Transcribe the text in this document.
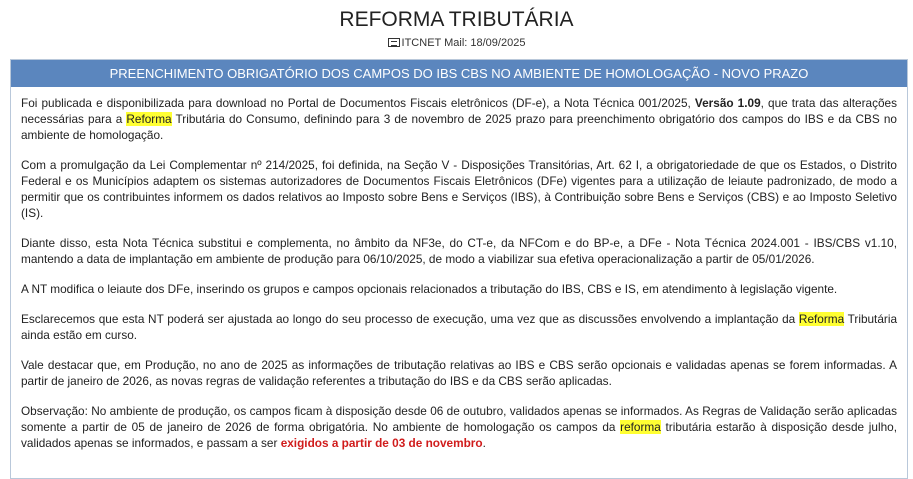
REFORMA TRIBUTÁRIA
ITCNET Mail: 18/09/2025
PREENCHIMENTO OBRIGATÓRIO DOS CAMPOS DO IBS CBS NO AMBIENTE DE HOMOLOGAÇÃO - NOVO PRAZO

Foi publicada e disponibilizada para download no Portal de Documentos Fiscais eletrônicos (DF-e), a Nota Técnica 001/2025, Versão 1.09, que trata das alterações necessárias para a Reforma Tributária do Consumo, definindo para 3 de novembro de 2025 prazo para preenchimento obrigatório dos campos do IBS e da CBS no ambiente de homologação.

Com a promulgação da Lei Complementar nº 214/2025, foi definida, na Seção V - Disposições Transitórias, Art. 62 I, a obrigatoriedade de que os Estados, o Distrito Federal e os Municípios adaptem os sistemas autorizadores de Documentos Fiscais Eletrônicos (DFe) vigentes para a utilização de leiaute padronizado, de modo a permitir que os contribuintes informem os dados relativos ao Imposto sobre Bens e Serviços (IBS), à Contribuição sobre Bens e Serviços (CBS) e ao Imposto Seletivo (IS).

Diante disso, esta Nota Técnica substitui e complementa, no âmbito da NF3e, do CT-e, da NFCom e do BP-e, a DFe - Nota Técnica 2024.001 - IBS/CBS v1.10, mantendo a data de implantação em ambiente de produção para 06/10/2025, de modo a viabilizar sua efetiva operacionalização a partir de 05/01/2026.

A NT modifica o leiaute dos DFe, inserindo os grupos e campos opcionais relacionados a tributação do IBS, CBS e IS, em atendimento à legislação vigente.

Esclarecemos que esta NT poderá ser ajustada ao longo do seu processo de execução, uma vez que as discussões envolvendo a implantação da Reforma Tributária ainda estão em curso.

Vale destacar que, em Produção, no ano de 2025 as informações de tributação relativas ao IBS e CBS serão opcionais e validadas apenas se forem informadas. A partir de janeiro de 2026, as novas regras de validação referentes a tributação do IBS e da CBS serão aplicadas.

Observação: No ambiente de produção, os campos ficam à disposição desde 06 de outubro, validados apenas se informados. As Regras de Validação serão aplicadas somente a partir de 05 de janeiro de 2026 de forma obrigatória. No ambiente de homologação os campos da reforma tributária estarão à disposição desde julho, validados apenas se informados, e passam a ser exigidos a partir de 03 de novembro.
